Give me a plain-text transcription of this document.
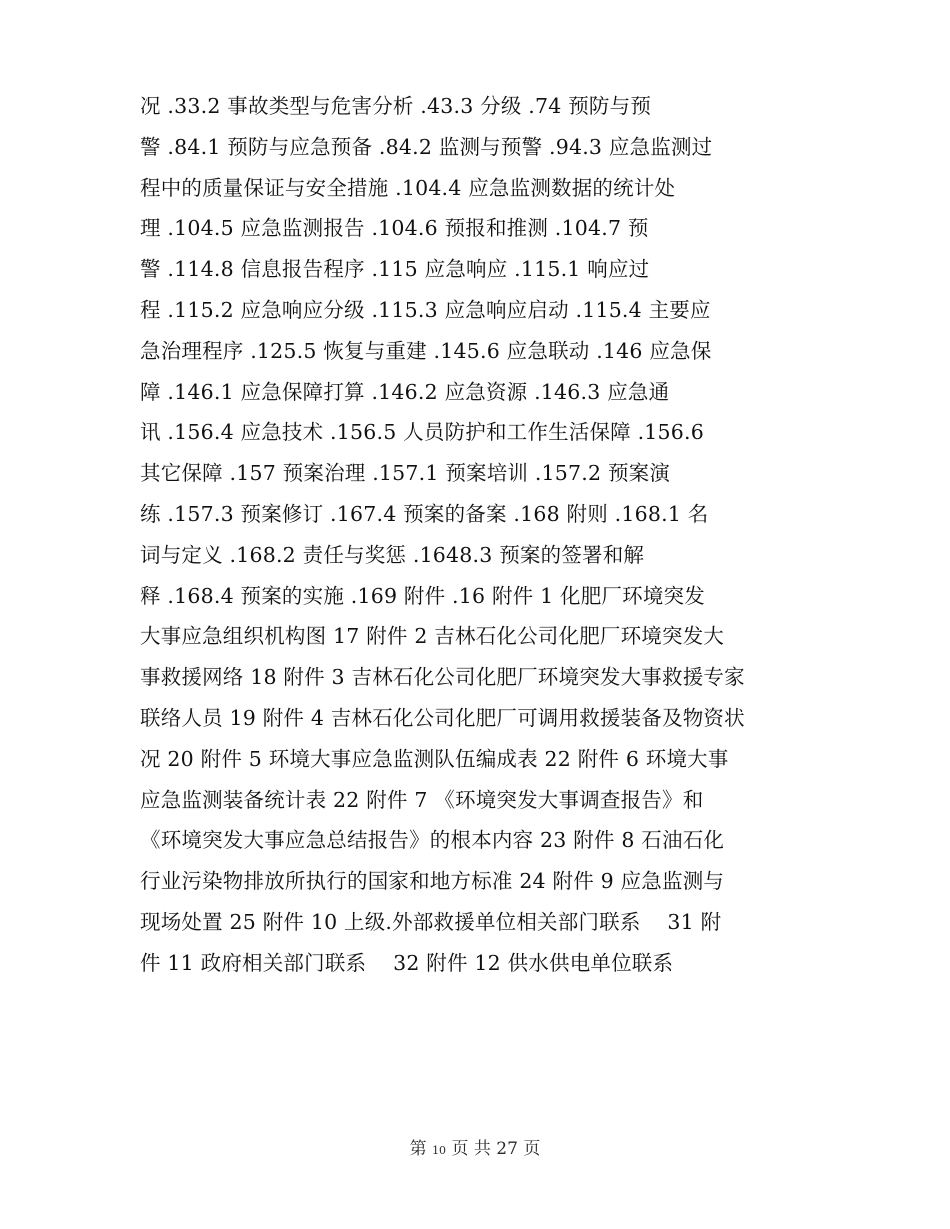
况 .33.2 事故类型与危害分析 .43.3 分级 .74 预防与预
警 .84.1 预防与应急预备 .84.2 监测与预警 .94.3 应急监测过
程中的质量保证与安全措施 .104.4 应急监测数据的统计处
理 .104.5 应急监测报告 .104.6 预报和推测 .104.7 预
警 .114.8 信息报告程序 .115 应急响应 .115.1 响应过
程 .115.2 应急响应分级 .115.3 应急响应启动 .115.4 主要应
急治理程序 .125.5 恢复与重建 .145.6 应急联动 .146 应急保
障 .146.1 应急保障打算 .146.2 应急资源 .146.3 应急通
讯 .156.4 应急技术 .156.5 人员防护和工作生活保障 .156.6
其它保障 .157 预案治理 .157.1 预案培训 .157.2 预案演
练 .157.3 预案修订 .167.4 预案的备案 .168 附则 .168.1 名
词与定义 .168.2 责任与奖惩 .1648.3 预案的签署和解
释 .168.4 预案的实施 .169 附件 .16 附件 1 化肥厂环境突发
大事应急组织机构图 17 附件 2 吉林石化公司化肥厂环境突发大
事救援网络 18 附件 3 吉林石化公司化肥厂环境突发大事救援专家
联络人员 19 附件 4 吉林石化公司化肥厂可调用救援装备及物资状
况 20 附件 5 环境大事应急监测队伍编成表 22 附件 6 环境大事
应急监测装备统计表 22 附件 7 《环境突发大事调查报告》和
《环境突发大事应急总结报告》的根本内容 23 附件 8 石油石化
行业污染物排放所执行的国家和地方标准 24 附件 9 应急监测与
现场处置 25 附件 10 上级.外部救援单位相关部门联系    31 附
件 11 政府相关部门联系    32 附件 12 供水供电单位联系
第 10 页 共 27 页
